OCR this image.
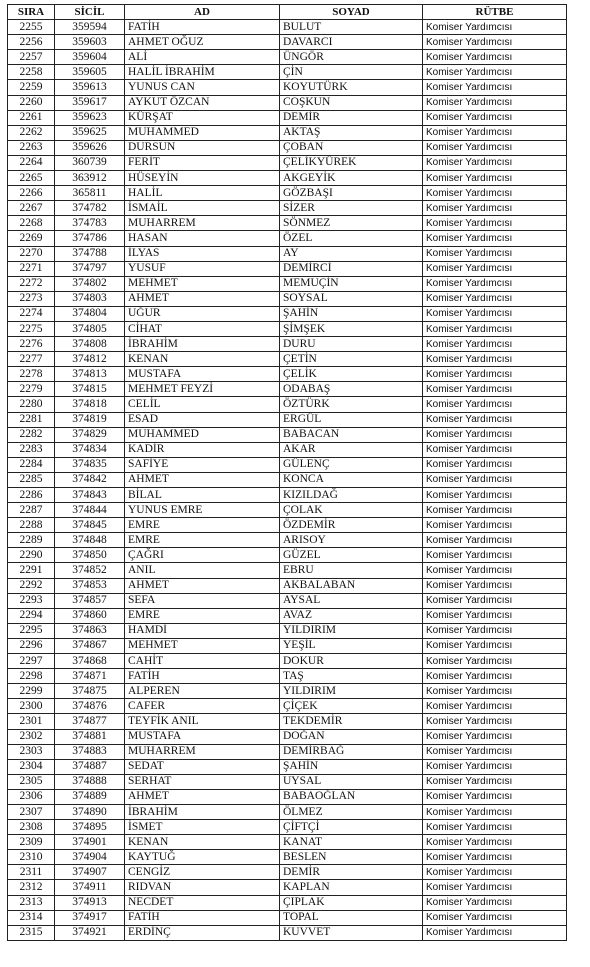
SIRA	SİCİL	AD	SOYAD	RÜTBE
2255	359594	FATİH	BULUT	Komiser Yardımcısı
2256	359603	AHMET OĞUZ	DAVARCI	Komiser Yardımcısı
2257	359604	ALİ	ÜNGÖR	Komiser Yardımcısı
2258	359605	HALİL İBRAHİM	ÇİN	Komiser Yardımcısı
2259	359613	YUNUS CAN	KOYUTÜRK	Komiser Yardımcısı
2260	359617	AYKUT ÖZCAN	COŞKUN	Komiser Yardımcısı
2261	359623	KÜRŞAT	DEMİR	Komiser Yardımcısı
2262	359625	MUHAMMED	AKTAŞ	Komiser Yardımcısı
2263	359626	DURSUN	ÇOBAN	Komiser Yardımcısı
2264	360739	FERİT	ÇELİKYÜREK	Komiser Yardımcısı
2265	363912	HÜSEYİN	AKGEYİK	Komiser Yardımcısı
2266	365811	HALİL	GÖZBAŞI	Komiser Yardımcısı
2267	374782	İSMAİL	SİZER	Komiser Yardımcısı
2268	374783	MUHARREM	SÖNMEZ	Komiser Yardımcısı
2269	374786	HASAN	ÖZEL	Komiser Yardımcısı
2270	374788	İLYAS	AY	Komiser Yardımcısı
2271	374797	YUSUF	DEMİRCİ	Komiser Yardımcısı
2272	374802	MEHMET	MEMUÇİN	Komiser Yardımcısı
2273	374803	AHMET	SOYSAL	Komiser Yardımcısı
2274	374804	UĞUR	ŞAHİN	Komiser Yardımcısı
2275	374805	CİHAT	ŞİMŞEK	Komiser Yardımcısı
2276	374808	İBRAHİM	DURU	Komiser Yardımcısı
2277	374812	KENAN	ÇETİN	Komiser Yardımcısı
2278	374813	MUSTAFA	ÇELİK	Komiser Yardımcısı
2279	374815	MEHMET FEYZİ	ODABAŞ	Komiser Yardımcısı
2280	374818	CELİL	ÖZTÜRK	Komiser Yardımcısı
2281	374819	ESAD	ERGÜL	Komiser Yardımcısı
2282	374829	MUHAMMED	BABACAN	Komiser Yardımcısı
2283	374834	KADİR	AKAR	Komiser Yardımcısı
2284	374835	SAFİYE	GÜLENÇ	Komiser Yardımcısı
2285	374842	AHMET	KONCA	Komiser Yardımcısı
2286	374843	BİLAL	KIZILDAĞ	Komiser Yardımcısı
2287	374844	YUNUS EMRE	ÇOLAK	Komiser Yardımcısı
2288	374845	EMRE	ÖZDEMİR	Komiser Yardımcısı
2289	374848	EMRE	ARISOY	Komiser Yardımcısı
2290	374850	ÇAĞRI	GÜZEL	Komiser Yardımcısı
2291	374852	ANIL	EBRU	Komiser Yardımcısı
2292	374853	AHMET	AKBALABAN	Komiser Yardımcısı
2293	374857	SEFA	AYSAL	Komiser Yardımcısı
2294	374860	EMRE	AVAZ	Komiser Yardımcısı
2295	374863	HAMDİ	YILDIRIM	Komiser Yardımcısı
2296	374867	MEHMET	YEŞİL	Komiser Yardımcısı
2297	374868	CAHİT	DOKUR	Komiser Yardımcısı
2298	374871	FATİH	TAŞ	Komiser Yardımcısı
2299	374875	ALPEREN	YILDIRIM	Komiser Yardımcısı
2300	374876	CAFER	ÇİÇEK	Komiser Yardımcısı
2301	374877	TEYFİK ANIL	TEKDEMİR	Komiser Yardımcısı
2302	374881	MUSTAFA	DOĞAN	Komiser Yardımcısı
2303	374883	MUHARREM	DEMİRBAĞ	Komiser Yardımcısı
2304	374887	SEDAT	ŞAHİN	Komiser Yardımcısı
2305	374888	SERHAT	UYSAL	Komiser Yardımcısı
2306	374889	AHMET	BABAOĞLAN	Komiser Yardımcısı
2307	374890	İBRAHİM	ÖLMEZ	Komiser Yardımcısı
2308	374895	İSMET	ÇİFTÇİ	Komiser Yardımcısı
2309	374901	KENAN	KANAT	Komiser Yardımcısı
2310	374904	KAYTUĞ	BESLEN	Komiser Yardımcısı
2311	374907	CENGİZ	DEMİR	Komiser Yardımcısı
2312	374911	RIDVAN	KAPLAN	Komiser Yardımcısı
2313	374913	NECDET	ÇIPLAK	Komiser Yardımcısı
2314	374917	FATİH	TOPAL	Komiser Yardımcısı
2315	374921	ERDİNÇ	KUVVET	Komiser Yardımcısı
